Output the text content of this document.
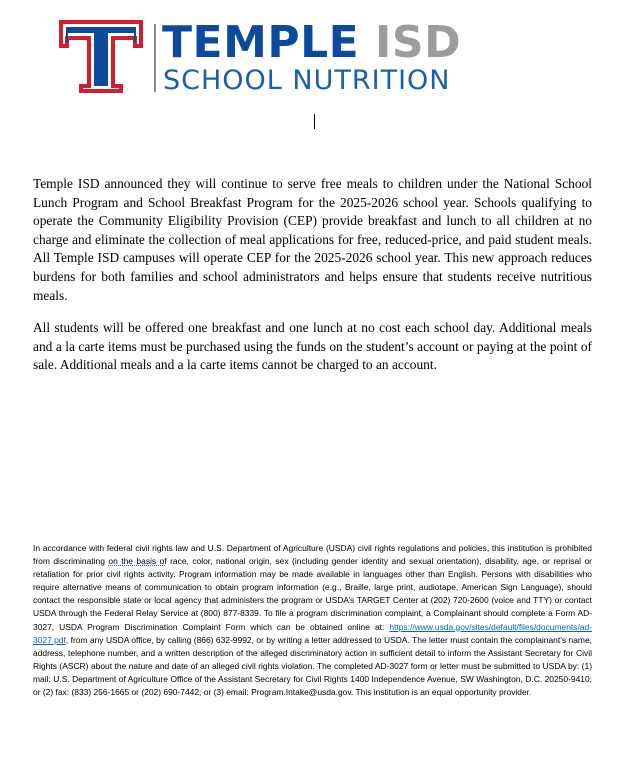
TEMPLE ISD
SCHOOL NUTRITION

Temple ISD announced they will continue to serve free meals to children under the National School Lunch Program and School Breakfast Program for the 2025-2026 school year. Schools qualifying to operate the Community Eligibility Provision (CEP) provide breakfast and lunch to all children at no charge and eliminate the collection of meal applications for free, reduced-price, and paid student meals. All Temple ISD campuses will operate CEP for the 2025-2026 school year. This new approach reduces burdens for both families and school administrators and helps ensure that students receive nutritious meals.

All students will be offered one breakfast and one lunch at no cost each school day. Additional meals and a la carte items must be purchased using the funds on the student’s account or paying at the point of sale. Additional meals and a la carte items cannot be charged to an account.

In accordance with federal civil rights law and U.S. Department of Agriculture (USDA) civil rights regulations and policies, this institution is prohibited from discriminating on the basis of race, color, national origin, sex (including gender identity and sexual orientation), disability, age, or reprisal or retaliation for prior civil rights activity. Program information may be made available in languages other than English. Persons with disabilities who require alternative means of communication to obtain program information (e.g., Braille, large print, audiotape, American Sign Language), should contact the responsible state or local agency that administers the program or USDA’s TARGET Center at (202) 720-2600 (voice and TTY) or contact USDA through the Federal Relay Service at (800) 877-8339. To file a program discrimination complaint, a Complainant should complete a Form AD-3027, USDA Program Discrimination Complaint Form which can be obtained online at: https://www.usda.gov/sites/default/files/documents/ad-3027.pdf, from any USDA office, by calling (866) 632-9992, or by writing a letter addressed to USDA. The letter must contain the complainant’s name, address, telephone number, and a written description of the alleged discriminatory action in sufficient detail to inform the Assistant Secretary for Civil Rights (ASCR) about the nature and date of an alleged civil rights violation. The completed AD-3027 form or letter must be submitted to USDA by: (1) mail: U.S. Department of Agriculture Office of the Assistant Secretary for Civil Rights 1400 Independence Avenue, SW Washington, D.C. 20250-9410; or (2) fax: (833) 256-1665 or (202) 690-7442; or (3) email: Program.Intake@usda.gov. This institution is an equal opportunity provider.
